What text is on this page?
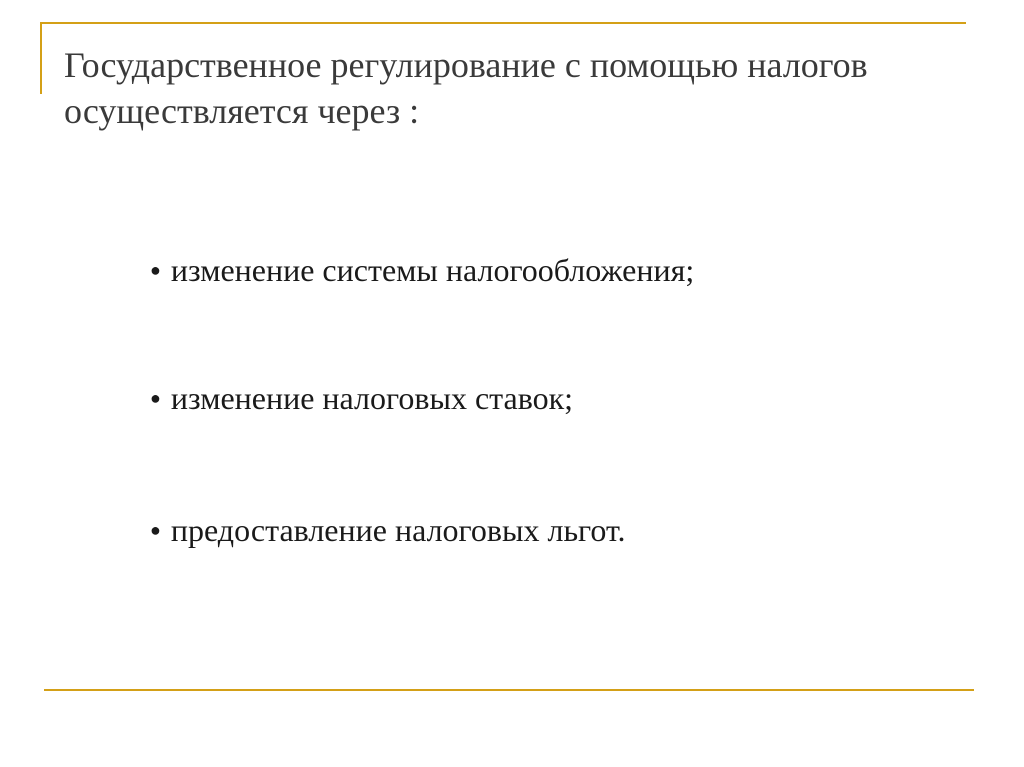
Государственное регулирование с помощью налогов осуществляется через :
● изменение системы налогообложения;
● изменение налоговых ставок;
● предоставление налоговых льгот.
